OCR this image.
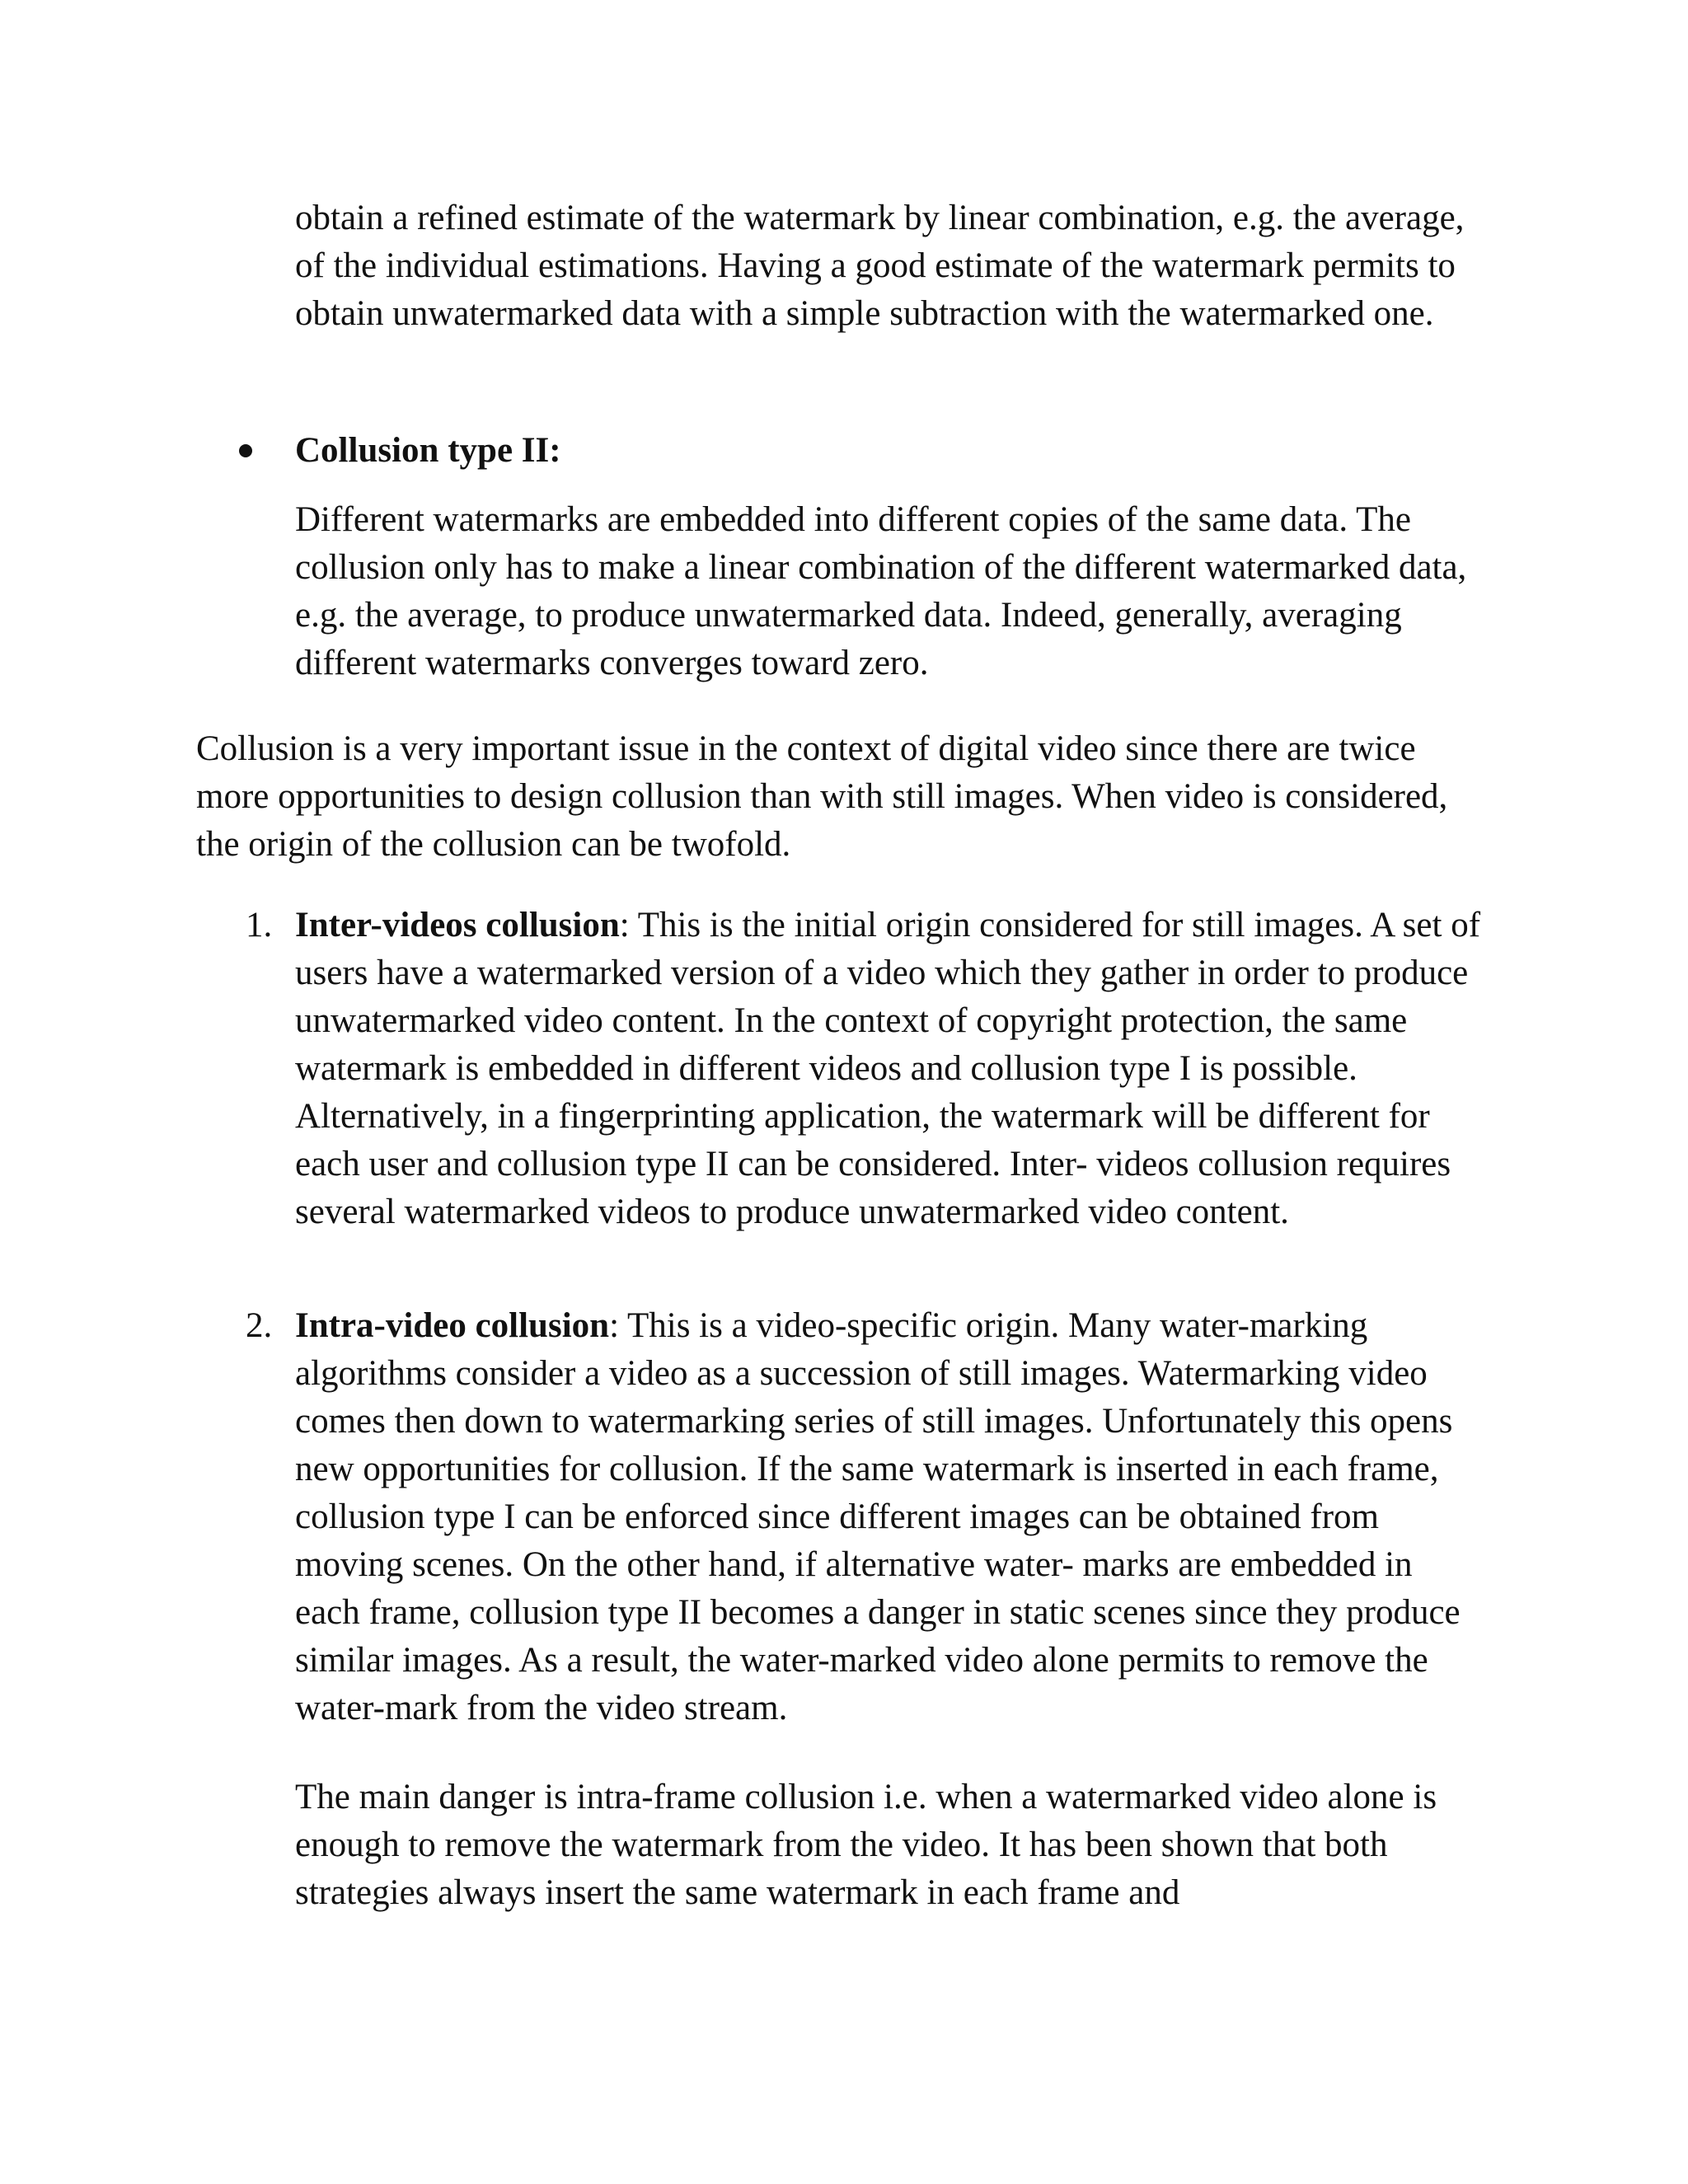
obtain a refined estimate of the watermark by linear combination, e.g. the average, of the individual estimations. Having a good estimate of the watermark permits to obtain unwatermarked data with a simple subtraction with the watermarked one.

Collusion type II:

Different watermarks are embedded into different copies of the same data. The collusion only has to make a linear combination of the different watermarked data, e.g. the average, to produce unwatermarked data. Indeed, generally, averaging different watermarks converges toward zero.

Collusion is a very important issue in the context of digital video since there are twice more opportunities to design collusion than with still images. When video is considered, the origin of the collusion can be twofold.

1. Inter-videos collusion: This is the initial origin considered for still images. A set of users have a watermarked version of a video which they gather in order to produce unwatermarked video content. In the context of copyright protection, the same watermark is embedded in different videos and collusion type I is possible. Alternatively, in a fingerprinting application, the watermark will be different for each user and collusion type II can be considered. Inter- videos collusion requires several watermarked videos to produce unwatermarked video content.

2. Intra-video collusion: This is a video-specific origin. Many water-marking algorithms consider a video as a succession of still images. Watermarking video comes then down to watermarking series of still images. Unfortunately this opens new opportunities for collusion. If the same watermark is inserted in each frame, collusion type I can be enforced since different images can be obtained from moving scenes. On the other hand, if alternative water- marks are embedded in each frame, collusion type II becomes a danger in static scenes since they produce similar images. As a result, the water-marked video alone permits to remove the water-mark from the video stream.

The main danger is intra-frame collusion i.e. when a watermarked video alone is enough to remove the watermark from the video. It has been shown that both strategies always insert the same watermark in each frame and
